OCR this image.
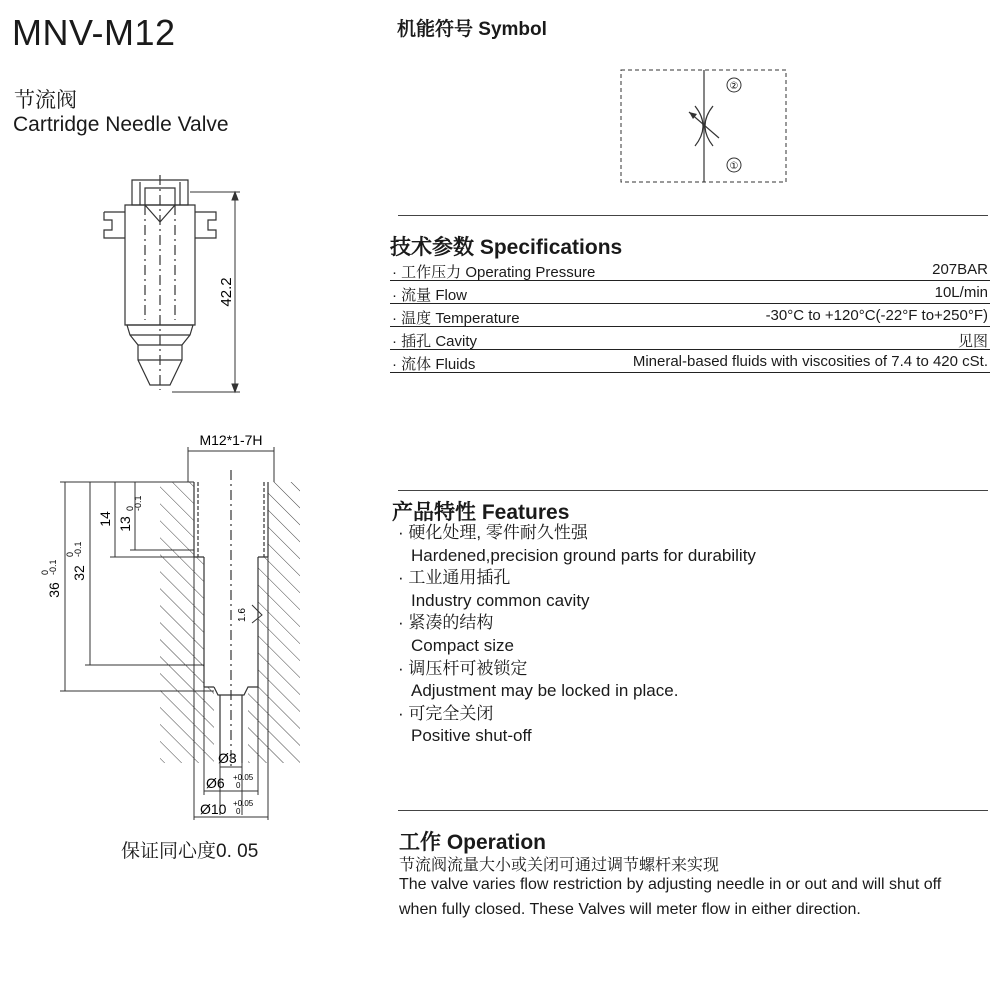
MNV-M12
节流阀
Cartridge Needle Valve
机能符号 Symbol
②
①
42.2
M12*1-7H
1.6
36
32
14 13
0
-0.1
0
-0.1
0
-0.1
Ø3
Ø6 +0.05
0
Ø10 +0.05
0
保证同心度0. 05
技术参数 Specifications
· 工作压力 Operating Pressure	207BAR
· 流量 Flow	10L/min
· 温度 Temperature	-30°C to +120°C(-22°F to+250°F)
· 插孔 Cavity	见图
· 流体 Fluids	Mineral-based fluids with viscosities of 7.4 to 420 cSt.
产品特性 Features
· 硬化处理, 零件耐久性强
Hardened,precision ground parts for durability
· 工业通用插孔
Industry common cavity
· 紧凑的结构
Compact size
· 调压杆可被锁定
Adjustment may be locked in place.
· 可完全关闭
Positive shut-off
工作 Operation
节流阀流量大小或关闭可通过调节螺杆来实现
The valve varies flow restriction by adjusting needle in or out and will shut off
when fully closed. These Valves will meter flow in either direction.
